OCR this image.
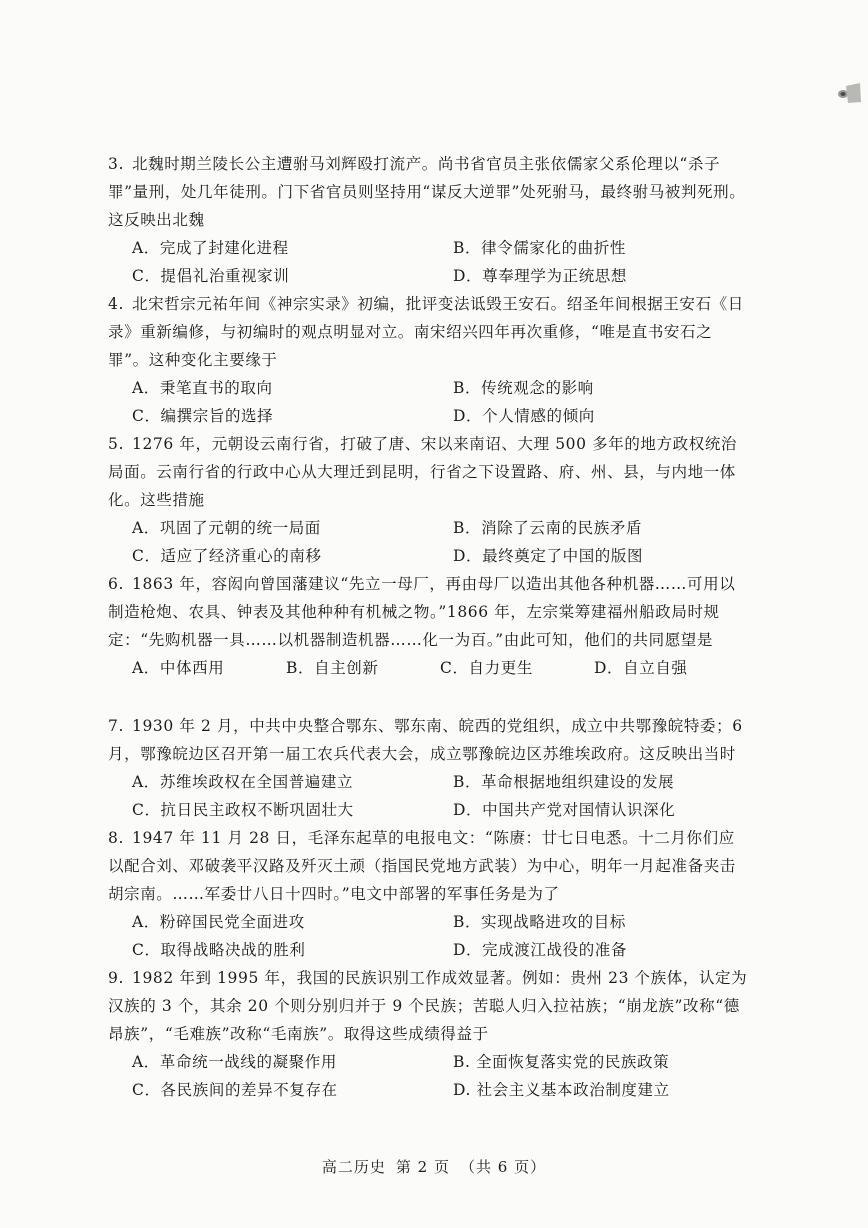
3. 北魏时期兰陵长公主遭驸马刘辉殴打流产。尚书省官员主张依儒家父系伦理以“杀子罪”量刑，处几年徒刑。门下省官员则坚持用“谋反大逆罪”处死驸马，最终驸马被判死刑。这反映出北魏

A．完成了封建化进程	B．律令儒家化的曲折性
C．提倡礼治重视家训	D．尊奉理学为正统思想

4. 北宋哲宗元祐年间《神宗实录》初编，批评变法诋毁王安石。绍圣年间根据王安石《日录》重新编修，与初编时的观点明显对立。南宋绍兴四年再次重修，“唯是直书安石之罪”。这种变化主要缘于

A．秉笔直书的取向	B．传统观念的影响
C．编撰宗旨的选择	D．个人情感的倾向

5. 1276 年，元朝设云南行省，打破了唐、宋以来南诏、大理 500 多年的地方政权统治局面。云南行省的行政中心从大理迁到昆明，行省之下设置路、府、州、县，与内地一体化。这些措施

A．巩固了元朝的统一局面	B．消除了云南的民族矛盾
C．适应了经济重心的南移	D．最终奠定了中国的版图

6. 1863 年，容闳向曾国藩建议“先立一母厂，再由母厂以造出其他各种机器……可用以制造枪炮、农具、钟表及其他种种有机械之物。”1866 年，左宗棠筹建福州船政局时规定：“先购机器一具……以机器制造机器……化一为百。”由此可知，他们的共同愿望是

A．中体西用	B．自主创新	C．自力更生	D．自立自强

7. 1930 年 2 月，中共中央整合鄂东、鄂东南、皖西的党组织，成立中共鄂豫皖特委；6 月，鄂豫皖边区召开第一届工农兵代表大会，成立鄂豫皖边区苏维埃政府。这反映出当时

A．苏维埃政权在全国普遍建立	B．革命根据地组织建设的发展
C．抗日民主政权不断巩固壮大	D．中国共产党对国情认识深化

8. 1947 年 11 月 28 日，毛泽东起草的电报电文：“陈赓：廿七日电悉。十二月你们应以配合刘、邓破袭平汉路及歼灭土顽（指国民党地方武装）为中心，明年一月起准备夹击胡宗南。……军委廿八日十四时。”电文中部署的军事任务是为了

A．粉碎国民党全面进攻	B．实现战略进攻的目标
C．取得战略决战的胜利	D．完成渡江战役的准备

9. 1982 年到 1995 年，我国的民族识别工作成效显著。例如：贵州 23 个族体，认定为汉族的 3 个，其余 20 个则分别归并于 9 个民族；苦聪人归入拉祜族；“崩龙族”改称“德昂族”，“毛难族”改称“毛南族”。取得这些成绩得益于

A．革命统一战线的凝聚作用	B. 全面恢复落实党的民族政策
C．各民族间的差异不复存在	D. 社会主义基本政治制度建立
高二历史 第 2 页 （共 6 页）
